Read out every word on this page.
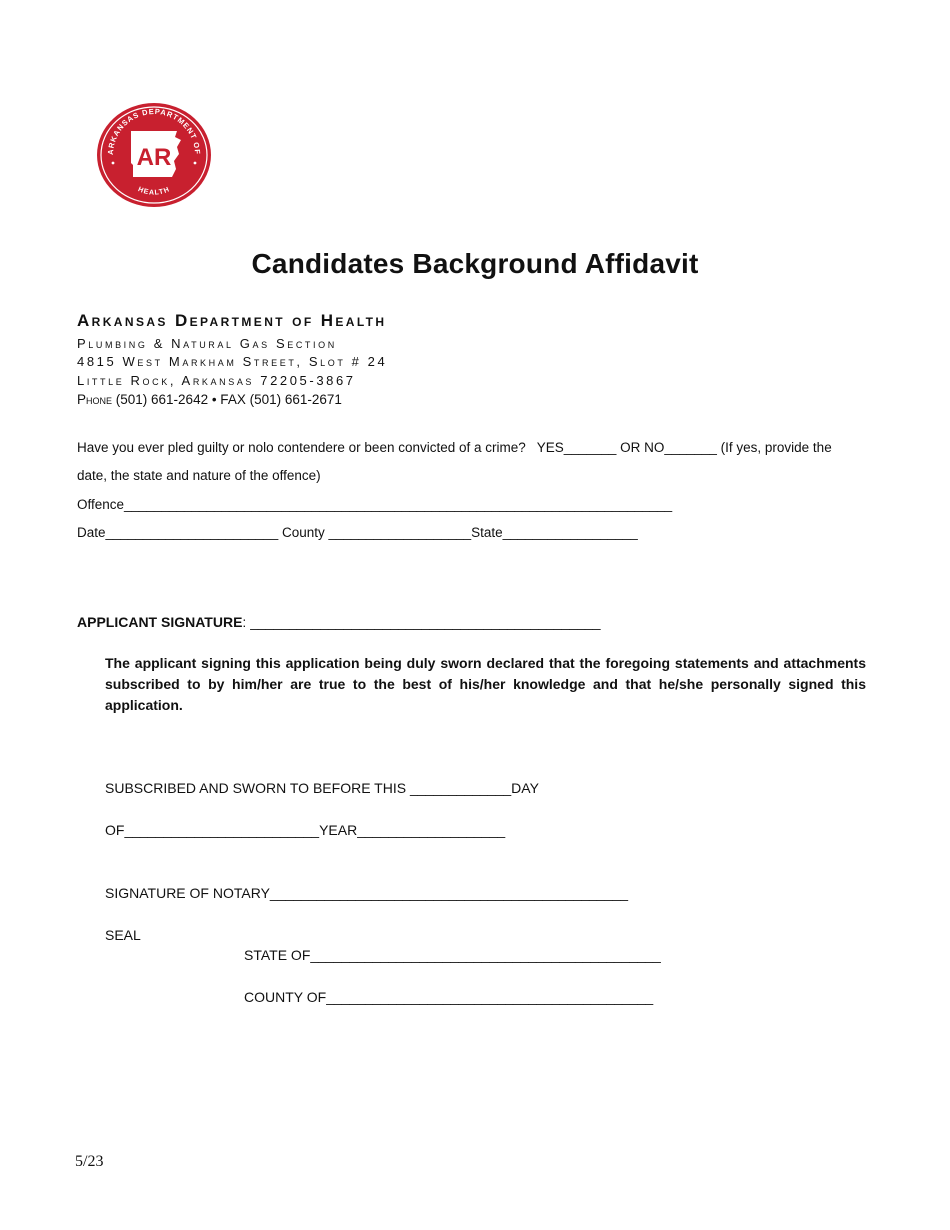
ARKANSAS DEPARTMENT OF
HEALTH
AR
Candidates Background Affidavit
Arkansas Department of Health
Plumbing & Natural Gas Section
4815 West Markham Street, Slot # 24
Little Rock, Arkansas 72205-3867
Phone (501) 661-2642 • FAX (501) 661-2671
Have you ever pled guilty or nolo contendere or been convicted of a crime?   YES_______ OR NO_______ (If yes, provide the
date, the state and nature of the offence)
Offence_________________________________________________________________________
Date_______________________ County ___________________State__________________
APPLICANT SIGNATURE: _____________________________________________

The applicant signing this application being duly sworn declared that the foregoing statements and attachments subscribed to by him/her are true to the best of his/her knowledge and that he/she personally signed this application.

SUBSCRIBED AND SWORN TO BEFORE THIS _____________DAY
OF_________________________YEAR___________________
SIGNATURE OF NOTARY______________________________________________
SEAL
STATE OF_____________________________________________
COUNTY OF__________________________________________
5/23
